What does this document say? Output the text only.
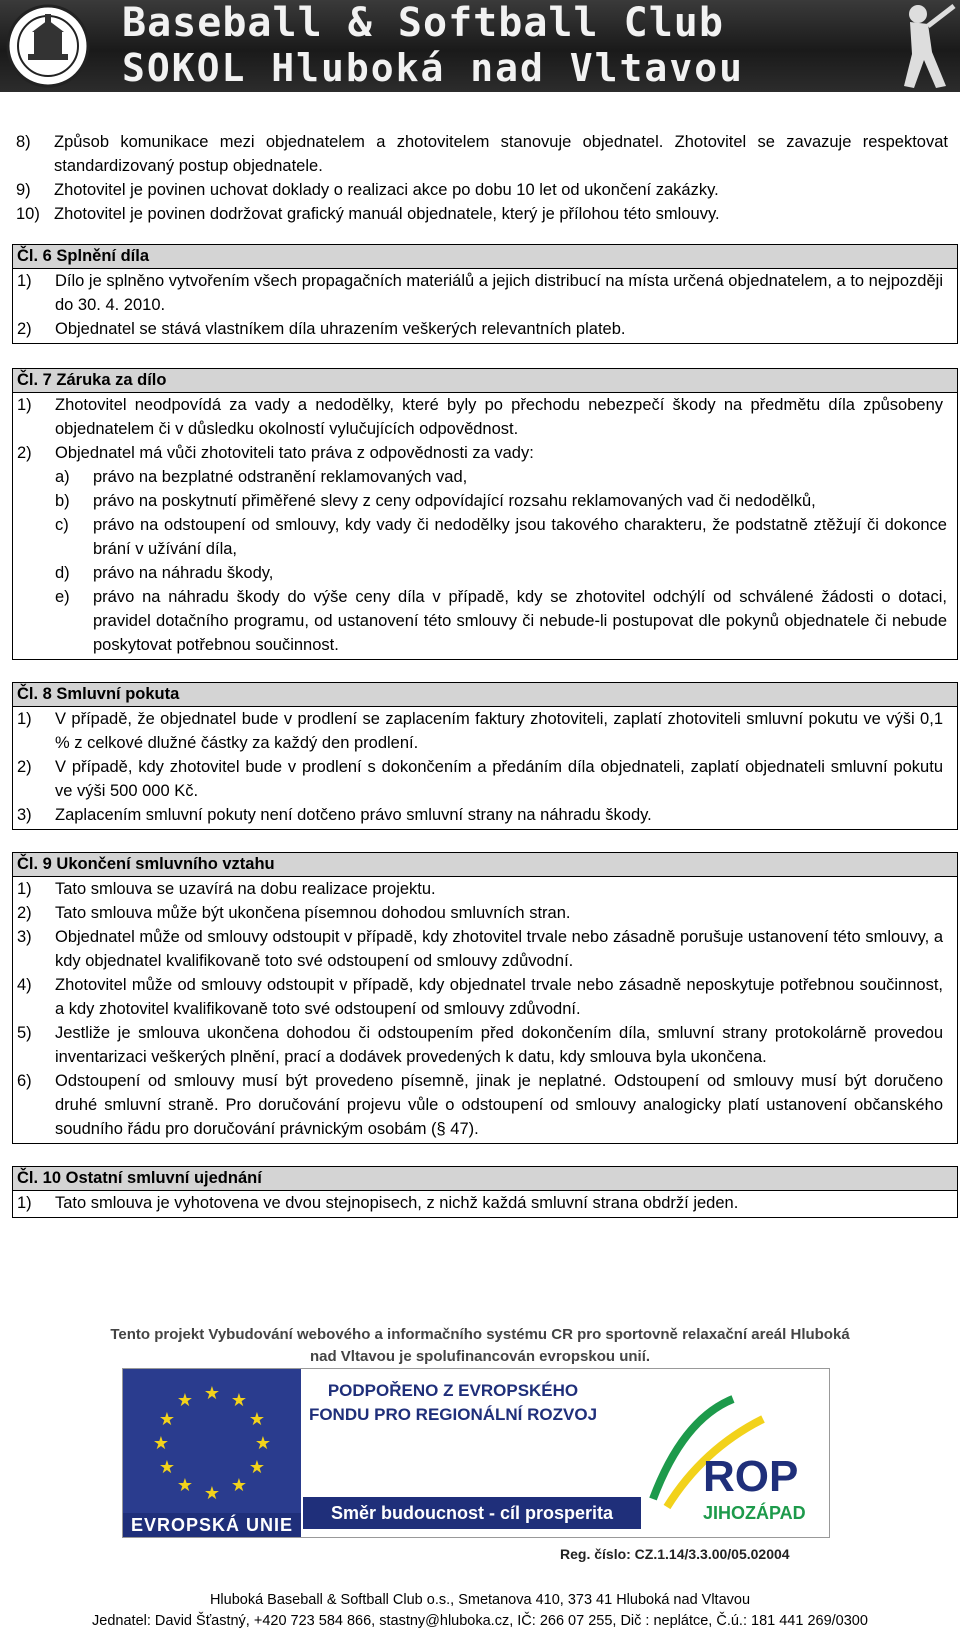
Baseball & Softball Club
SOKOL Hluboká nad Vltavou
8)	Způsob komunikace mezi objednatelem a zhotovitelem stanovuje objednatel. Zhotovitel se zavazuje respektovat standardizovaný postup objednatele.
9)	Zhotovitel je povinen uchovat doklady o realizaci akce po dobu 10 let od ukončení zakázky.
10) Zhotovitel je povinen dodržovat grafický manuál objednatele, který je přílohou této smlouvy.
Čl. 6 Splnění díla
1)	Dílo je splněno vytvořením všech propagačních materiálů a jejich distribucí na místa určená objednatelem, a to nejpozději do 30. 4. 2010.
2)	Objednatel se stává vlastníkem díla uhrazením veškerých relevantních plateb.
Čl. 7 Záruka za dílo
1)	Zhotovitel neodpovídá za vady a nedodělky, které byly po přechodu nebezpečí škody na předmětu díla způsobeny objednatelem či v důsledku okolností vylučujících odpovědnost.
2)	Objednatel má vůči zhotoviteli tato práva z odpovědnosti za vady:
a)	právo na bezplatné odstranění reklamovaných vad,
b)	právo na poskytnutí přiměřené slevy z ceny odpovídající rozsahu reklamovaných vad či nedodělků,
c)	právo na odstoupení od smlouvy, kdy vady či nedodělky jsou takového charakteru, že podstatně ztěžují či dokonce brání v užívání díla,
d)	právo na náhradu škody,
e)	právo na náhradu škody do výše ceny díla v případě, kdy se zhotovitel odchýlí od schválené žádosti o dotaci, pravidel dotačního programu, od ustanovení této smlouvy či nebude-li postupovat dle pokynů objednatele či nebude poskytovat potřebnou součinnost.
Čl. 8 Smluvní pokuta
1)	V případě, že objednatel bude v prodlení se zaplacením faktury zhotoviteli, zaplatí zhotoviteli smluvní pokutu ve výši 0,1 % z celkové dlužné částky za každý den prodlení.
2)	V případě, kdy zhotovitel bude v prodlení s dokončením a předáním díla objednateli, zaplatí objednateli smluvní pokutu ve výši 500 000 Kč.
3)	Zaplacením smluvní pokuty není dotčeno právo smluvní strany na náhradu škody.
Čl. 9 Ukončení smluvního vztahu
1)	Tato smlouva se uzavírá na dobu realizace projektu.
2)	Tato smlouva může být ukončena písemnou dohodou smluvních stran.
3)	Objednatel může od smlouvy odstoupit v případě, kdy zhotovitel trvale nebo zásadně porušuje ustanovení této smlouvy, a kdy objednatel kvalifikovaně toto své odstoupení od smlouvy zdůvodní.
4)	Zhotovitel může od smlouvy odstoupit v případě, kdy objednatel trvale nebo zásadně neposkytuje potřebnou součinnost, a kdy zhotovitel kvalifikovaně toto své odstoupení od smlouvy zdůvodní.
5)	Jestliže je smlouva ukončena dohodou či odstoupením před dokončením díla, smluvní strany protokolárně provedou inventarizaci veškerých plnění, prací a dodávek provedených k datu, kdy smlouva byla ukončena.
6)	Odstoupení od smlouvy musí být provedeno písemně, jinak je neplatné. Odstoupení od smlouvy musí být doručeno druhé smluvní straně. Pro doručování projevu vůle o odstoupení od smlouvy analogicky platí ustanovení občanského soudního řádu pro doručování právnickým osobám (§ 47).
Čl. 10 Ostatní smluvní ujednání
1)	Tato smlouva je vyhotovena ve dvou stejnopisech, z nichž každá smluvní strana obdrží jeden.
Tento projekt Vybudování webového a informačního systému CR pro sportovně relaxační areál Hluboká nad Vltavou je spolufinancován evropskou unií.
★ ★
★
★
★
★
★
★
★
★
★
★
EVROPSKÁ UNIE
PODPOŘENO Z EVROPSKÉHO FONDU PRO REGIONÁLNÍ ROZVOJ
Směr budoucnost - cíl prosperita
ROP
JIHOZÁPAD
Reg. číslo: CZ.1.14/3.3.00/05.02004
Hluboká Baseball & Softball Club o.s., Smetanova 410, 373 41 Hluboká nad Vltavou
Jednatel: David Šťastný, +420 723 584 866, stastny@hluboka.cz, IČ: 266 07 255, Dič : neplátce, Č.ú.: 181 441 269/0300
